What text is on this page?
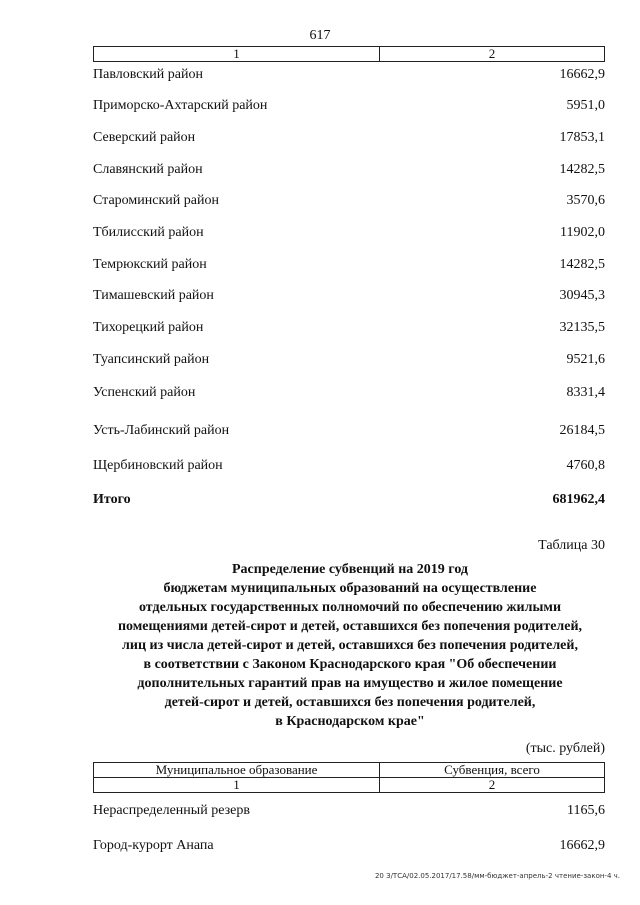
617
1	2
Павловский район	16662,9
Приморско-Ахтарский район	5951,0
Северский район	17853,1
Славянский район	14282,5
Староминский район	3570,6
Тбилисский район	11902,0
Темрюкский район	14282,5
Тимашевский район	30945,3
Тихорецкий район	32135,5
Туапсинский район	9521,6
Успенский район	8331,4
Усть-Лабинский район	26184,5
Щербиновский район	4760,8
Итого	681962,4
Таблица 30
Распределение субвенций на 2019 год
бюджетам муниципальных образований на осуществление
отдельных государственных полномочий по обеспечению жилыми
помещениями детей-сирот и детей, оставшихся без попечения родителей,
лиц из числа детей-сирот и детей, оставшихся без попечения родителей,
в соответствии с Законом Краснодарского края "Об обеспечении
дополнительных гарантий прав на имущество и жилое помещение
детей-сирот и детей, оставшихся без попечения родителей,
в Краснодарском крае"
(тыс. рублей)
Муниципальное образование	Субвенция, всего
1	2
Нераспределенный резерв	1165,6
Город-курорт Анапа	16662,9
20 З/ТСА/02.05.2017/17.58/мм-бюджет-апрель-2 чтение-закон-4 ч.
